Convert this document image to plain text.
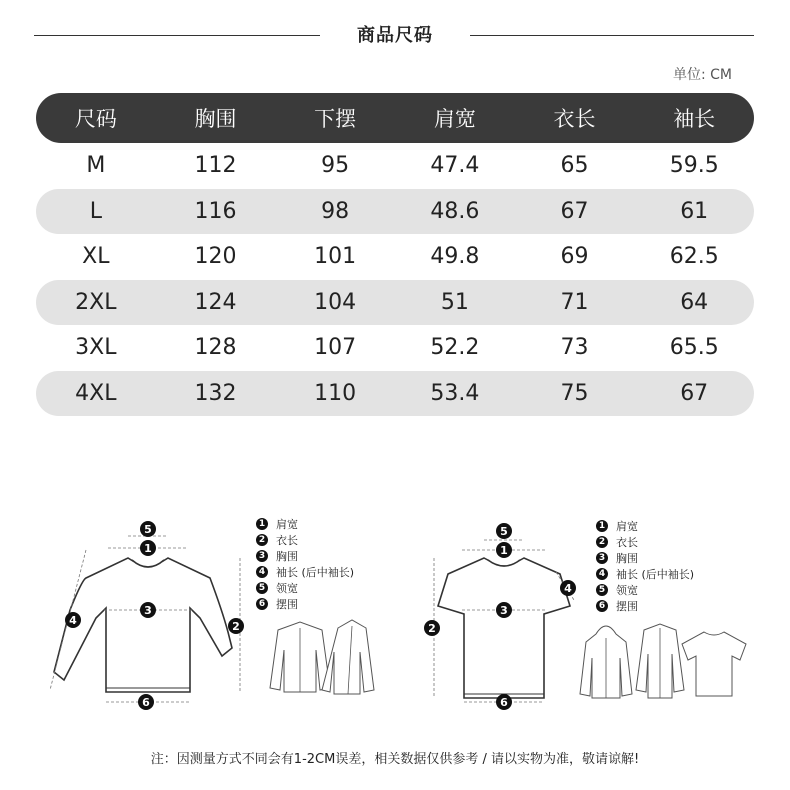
商品尺码
单位: CM
尺码	胸围	下摆	肩宽	衣长	袖长
M	112	95	47.4	65	59.5
L	116	98	48.6	67	61
XL	120	101	49.8	69	62.5
2XL	124	104	51	71	64
3XL	128	107	52.2	73	65.5
4XL	132	110	53.4	75	67
5
1
3
6
2
4
5
1
3
6
2
4
1 肩宽
2 衣长
3 胸围
4 袖长 (后中袖长)
5 领宽
6 摆围
1 肩宽
2 衣长
3 胸围
4 袖长 (后中袖长)
5 领宽
6 摆围
注：因测量方式不同会有1-2CM误差，相关数据仅供参考 / 请以实物为准，敬请谅解!
